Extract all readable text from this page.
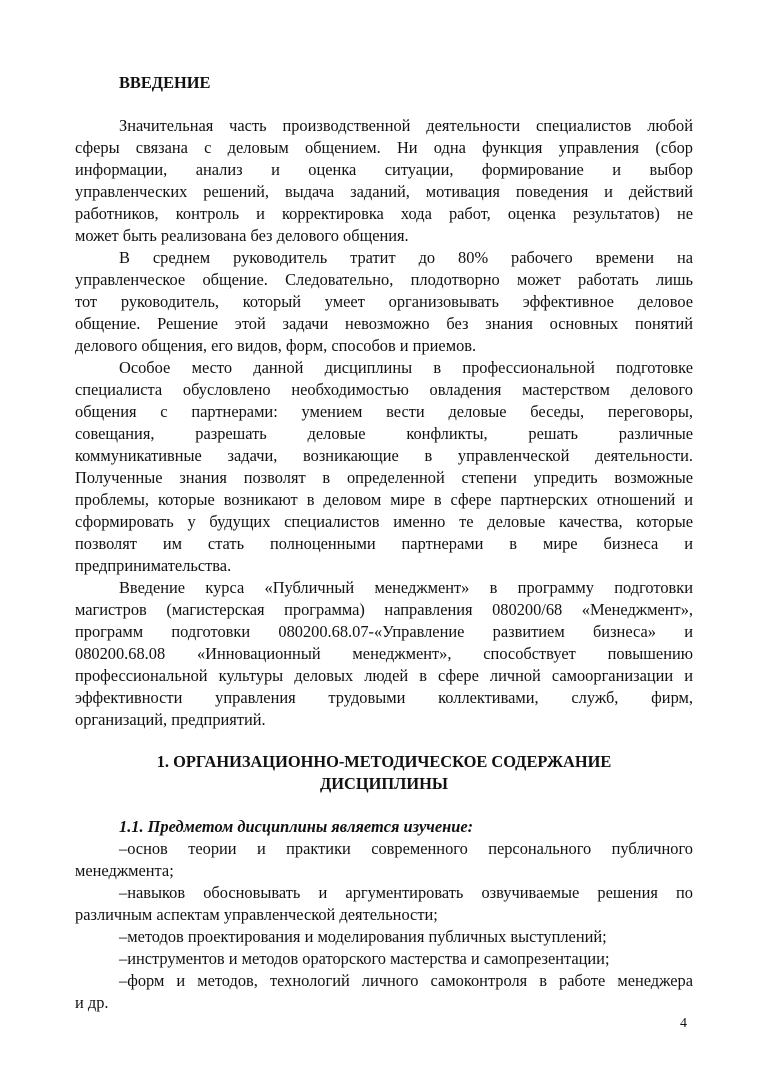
ВВЕДЕНИЕ
Значительная часть производственной деятельности специалистов любой
сферы связана с деловым общением. Ни одна функция управления (сбор
информации, анализ и оценка ситуации, формирование и выбор
управленческих решений, выдача заданий, мотивация поведения и действий
работников, контроль и корректировка хода работ, оценка результатов) не
может быть реализована без делового общения.
В среднем руководитель тратит до 80% рабочего времени на
управленческое общение. Следовательно, плодотворно может работать лишь
тот руководитель, который умеет организовывать эффективное деловое
общение. Решение этой задачи невозможно без знания основных понятий
делового общения, его видов, форм, способов и приемов.
Особое место данной дисциплины в профессиональной подготовке
специалиста обусловлено необходимостью овладения мастерством делового
общения с партнерами: умением вести деловые беседы, переговоры,
совещания, разрешать деловые конфликты, решать различные
коммуникативные задачи, возникающие в управленческой деятельности.
Полученные знания позволят в определенной степени упредить возможные
проблемы, которые возникают в деловом мире в сфере партнерских отношений и
сформировать у будущих специалистов именно те деловые качества, которые
позволят им стать полноценными партнерами в мире бизнеса и
предпринимательства.
Введение курса «Публичный менеджмент» в программу подготовки
магистров (магистерская программа) направления 080200/68 «Менеджмент»,
программ подготовки 080200.68.07-«Управление развитием бизнеса» и
080200.68.08 «Инновационный менеджмент», способствует повышению
профессиональной культуры деловых людей в сфере личной самоорганизации и
эффективности управления трудовыми коллективами, служб, фирм,
организаций, предприятий.
1. ОРГАНИЗАЦИОННО-МЕТОДИЧЕСКОЕ СОДЕРЖАНИЕ
ДИСЦИПЛИНЫ
1.1. Предметом дисциплины является изучение:
–основ теории и практики современного персонального публичного
менеджмента;
–навыков обосновывать и аргументировать озвучиваемые решения по
различным аспектам управленческой деятельности;
–методов проектирования и моделирования публичных выступлений;
–инструментов и методов ораторского мастерства и самопрезентации;
–форм и методов, технологий личного самоконтроля в работе менеджера
и др.
4
